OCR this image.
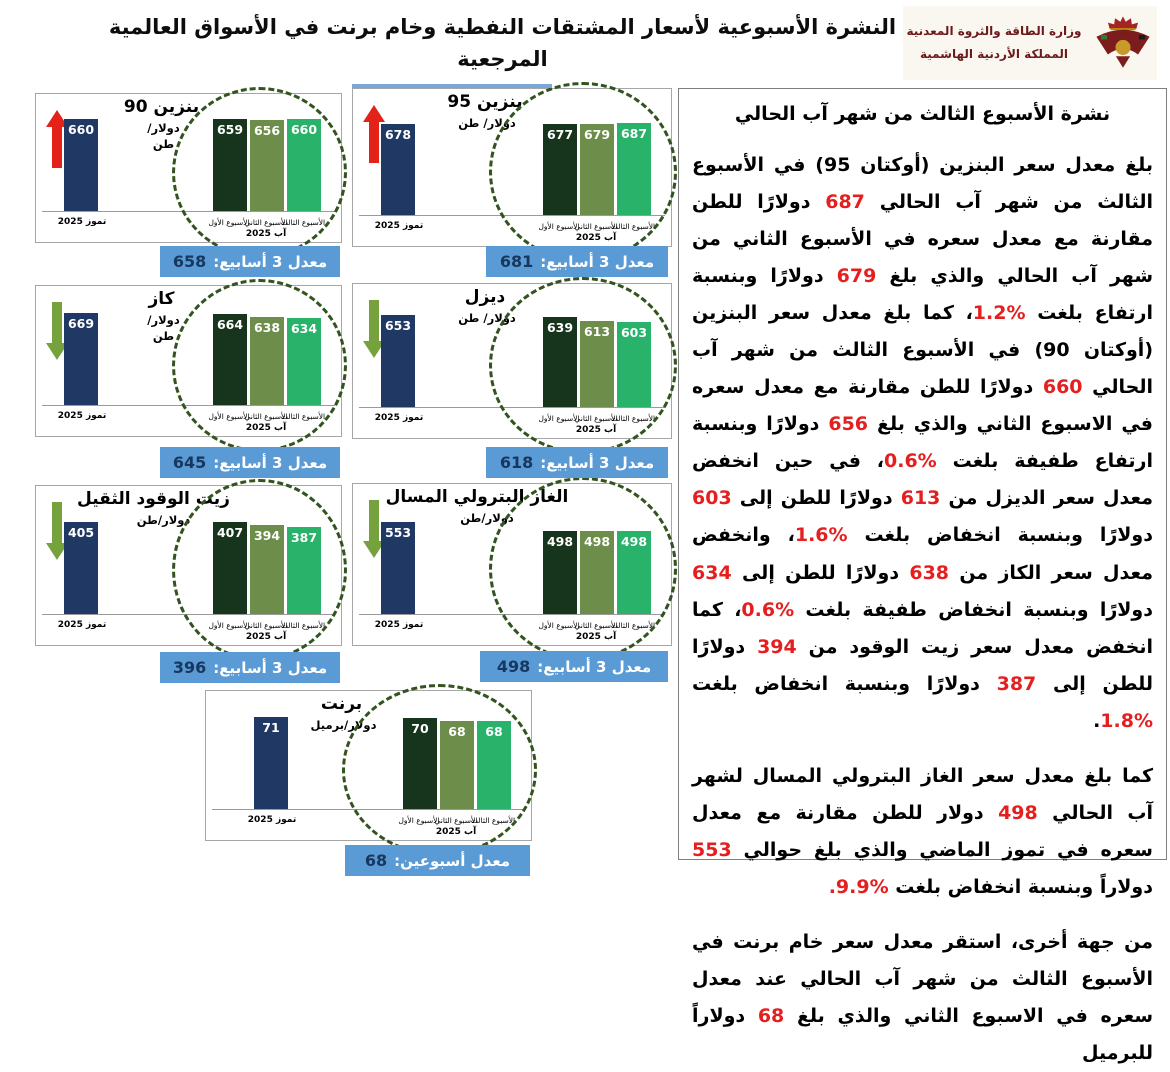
النشرة الأسبوعية لأسعار المشتقات النفطية وخام برنت في الأسواق العالمية
المرجعية
وزارة الطاقة والثروة المعدنية
المملكة الأردنية الهاشمية
بنزين 90
دولار/ طن
660	659 656 660
تموز 2025	الأسبوع الأول
الأسبوع الثاني
الأسبوع الثالث
آب 2025
معدل 3 أسابيع:
658
بنزين 95
دولار/ طن
678	677 679 687
تموز 2025	الأسبوع الأول
الأسبوع الثاني
الأسبوع الثالث
آب 2025
معدل 3 أسابيع:
681
كاز
دولار/ طن
669	664 638 634
تموز 2025	الأسبوع الأول
الأسبوع الثاني
الأسبوع الثالث
آب 2025
معدل 3 أسابيع:
645
ديزل
دولار/ طن
653	639 613 603
تموز 2025	الأسبوع الأول
الأسبوع الثاني
الأسبوع الثالث
آب 2025
معدل 3 أسابيع:
618
زيت الوقود الثقيل
دولار/طن
405	407 394 387
تموز 2025	الأسبوع الأول
الأسبوع الثاني
الأسبوع الثالث
آب 2025
معدل 3 أسابيع:
396
الغاز البترولي المسال
دولار/طن
553
498 498 498
تموز 2025	الأسبوع الأول
الأسبوع الثاني
الأسبوع الثالث
آب 2025
معدل 3 أسابيع:
498
برنت
دولار/برميل
71	70	68	68
تموز 2025	الأسبوع الأول
الأسبوع الثاني
الأسبوع الثالث
آب 2025
معدل أسبوعين:
68
نشرة الأسبوع الثالث من شهر آب الحالي

بلغ معدل سعر البنزين (أوكتان 95) في الأسبوع الثالث من شهر آب الحالي 687 دولارًا للطن مقارنة مع معدل سعره في الأسبوع الثاني من شهر آب الحالي والذي بلغ 679 دولارًا وبنسبة ارتفاع بلغت %1.2، كما بلغ معدل سعر البنزين (أوكتان 90) في الأسبوع الثالث من شهر آب الحالي 660 دولارًا للطن مقارنة مع معدل سعره في الاسبوع الثاني والذي بلغ 656 دولارًا وبنسبة ارتفاع طفيفة بلغت %0.6، في حين انخفض معدل سعر الديزل من 613 دولارًا للطن إلى 603 دولارًا وبنسبة انخفاض بلغت %1.6، وانخفض معدل سعر الكاز من 638 دولارًا للطن إلى 634 دولارًا وبنسبة انخفاض طفيفة بلغت %0.6، كما انخفض معدل سعر زيت الوقود من 394 دولارًا للطن إلى 387 دولارًا وبنسبة انخفاض بلغت %1.8.

كما بلغ معدل سعر الغاز البترولي المسال لشهر آب الحالي 498 دولار للطن مقارنة مع معدل سعره في تموز الماضي والذي بلغ حوالي 553 دولاراً وبنسبة انخفاض بلغت %9.9.

من جهة أخرى، استقر معدل سعر خام برنت في الأسبوع الثالث من شهر آب الحالي عند معدل سعره في الاسبوع الثاني والذي بلغ 68 دولاراً للبرميل
